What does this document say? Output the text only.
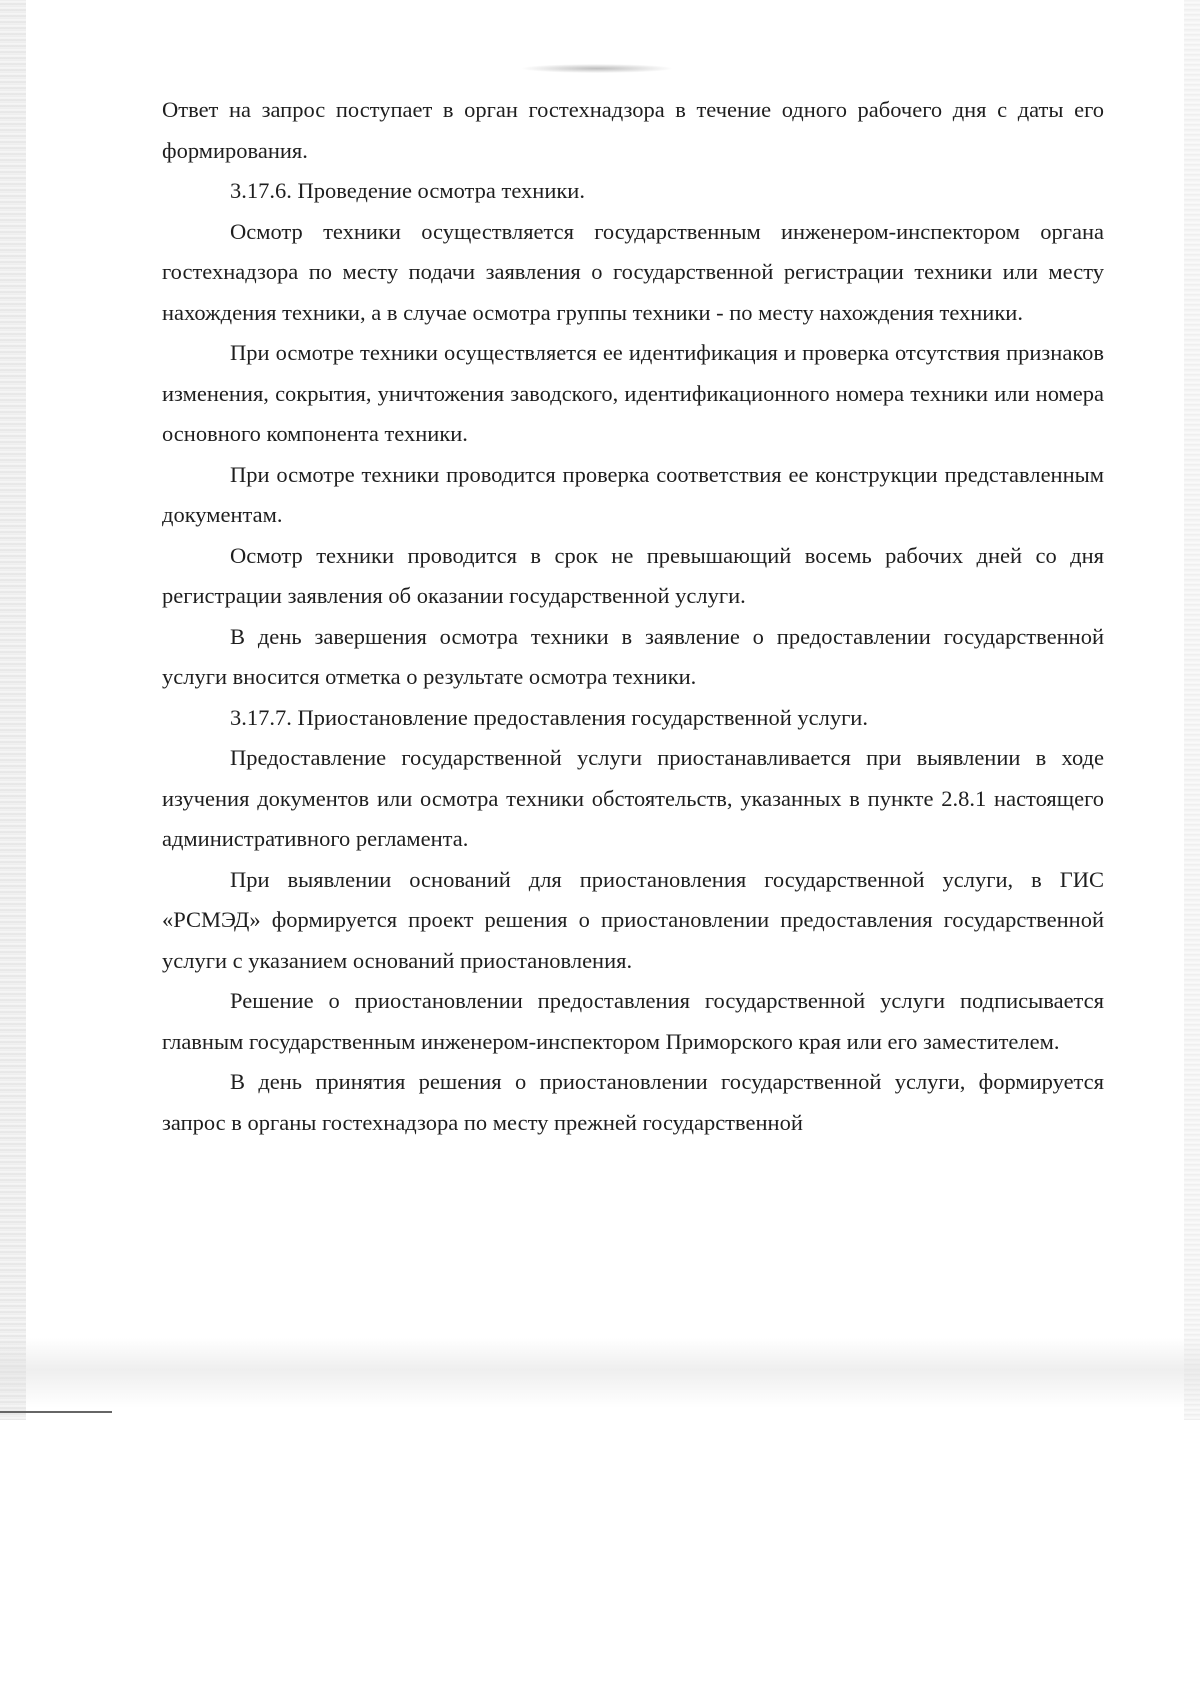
Ответ на запрос поступает в орган гостехнадзора в течение одного рабочего дня с даты его формирования.

3.17.6. Проведение осмотра техники.

Осмотр техники осуществляется государственным инженером-инспектором органа гостехнадзора по месту подачи заявления о государственной регистрации техники или месту нахождения техники, а в случае осмотра группы техники - по месту нахождения техники.

При осмотре техники осуществляется ее идентификация и проверка отсутствия признаков изменения, сокрытия, уничтожения заводского, идентификационного номера техники или номера основного компонента техники.

При осмотре техники проводится проверка соответствия ее конструкции представленным документам.

Осмотр техники проводится в срок не превышающий восемь рабочих дней со дня регистрации заявления об оказании государственной услуги.

В день завершения осмотра техники в заявление о предоставлении государственной услуги вносится отметка о результате осмотра техники.

3.17.7. Приостановление предоставления государственной услуги.

Предоставление государственной услуги приостанавливается при выявлении в ходе изучения документов или осмотра техники обстоятельств, указанных в пункте 2.8.1 настоящего административного регламента.

При выявлении оснований для приостановления государственной услуги, в ГИС «РСМЭД» формируется проект решения о приостановлении предоставления государственной услуги с указанием оснований приостановления.

Решение о приостановлении предоставления государственной услуги подписывается главным государственным инженером-инспектором Приморского края или его заместителем.

В день принятия решения о приостановлении государственной услуги, формируется запрос в органы гостехнадзора по месту прежней государственной
